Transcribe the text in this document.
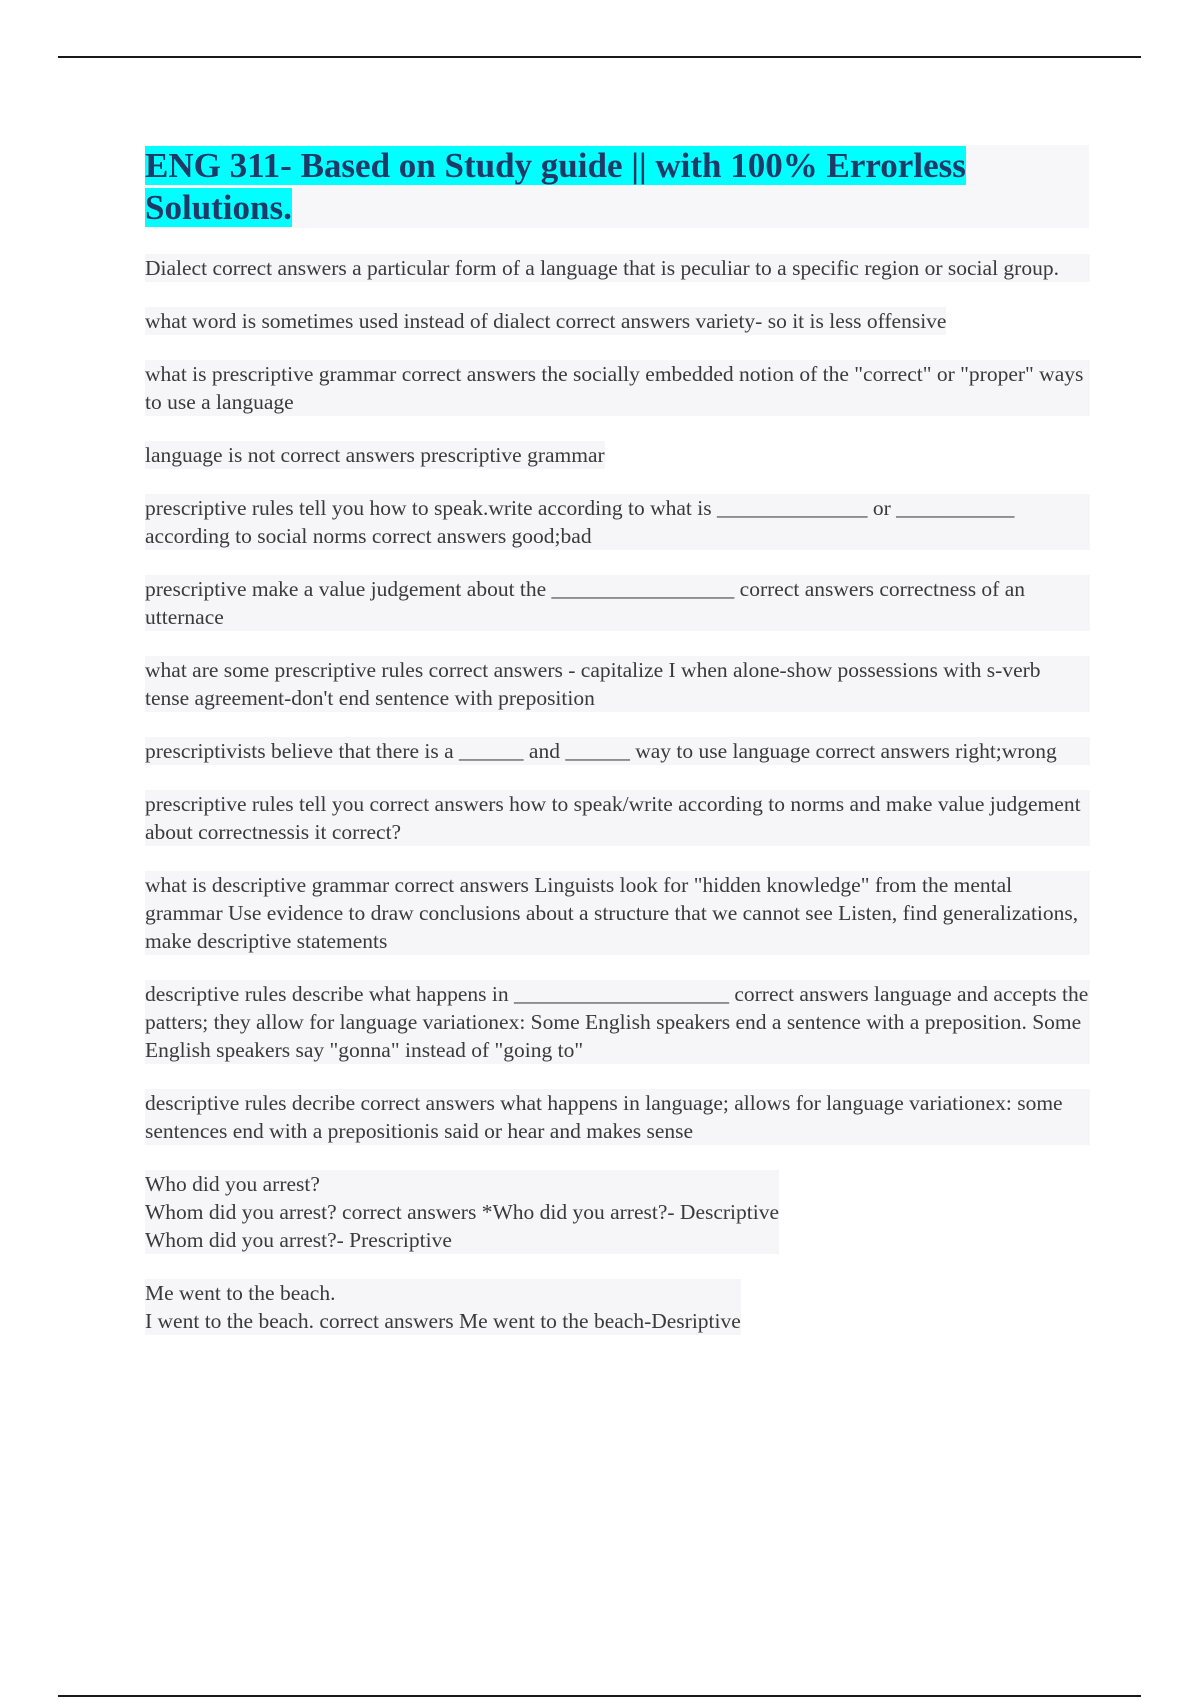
ENG 311- Based on Study guide || with 100% Errorless Solutions.

Dialect correct answers a particular form of a language that is peculiar to a specific region or social group.

what word is sometimes used instead of dialect correct answers variety- so it is less offensive

what is prescriptive grammar correct answers the socially embedded notion of the "correct" or "proper" ways to use a language

language is not correct answers prescriptive grammar

prescriptive rules tell you how to speak.write according to what is ______________ or ___________ according to social norms correct answers good;bad

prescriptive make a value judgement about the _________________ correct answers correctness of an utternace

what are some prescriptive rules correct answers - capitalize I when alone-show possessions with s-verb tense agreement-don't end sentence with preposition

prescriptivists believe that there is a ______ and ______ way to use language correct answers right;wrong

prescriptive rules tell you correct answers how to speak/write according to norms and make value judgement about correctnessis it correct?

what is descriptive grammar correct answers Linguists look for "hidden knowledge" from the mental grammar Use evidence to draw conclusions about a structure that we cannot see Listen, find generalizations, make descriptive statements

descriptive rules describe what happens in ____________________ correct answers language and accepts the patters; they allow for language variationex: Some English speakers end a sentence with a preposition. Some English speakers say "gonna" instead of "going to"

descriptive rules decribe correct answers what happens in language; allows for language variationex: some sentences end with a prepositionis said or hear and makes sense

Who did you arrest?
Whom did you arrest? correct answers *Who did you arrest?- Descriptive
Whom did you arrest?- Prescriptive

Me went to the beach.
I went to the beach. correct answers Me went to the beach-Desriptive
